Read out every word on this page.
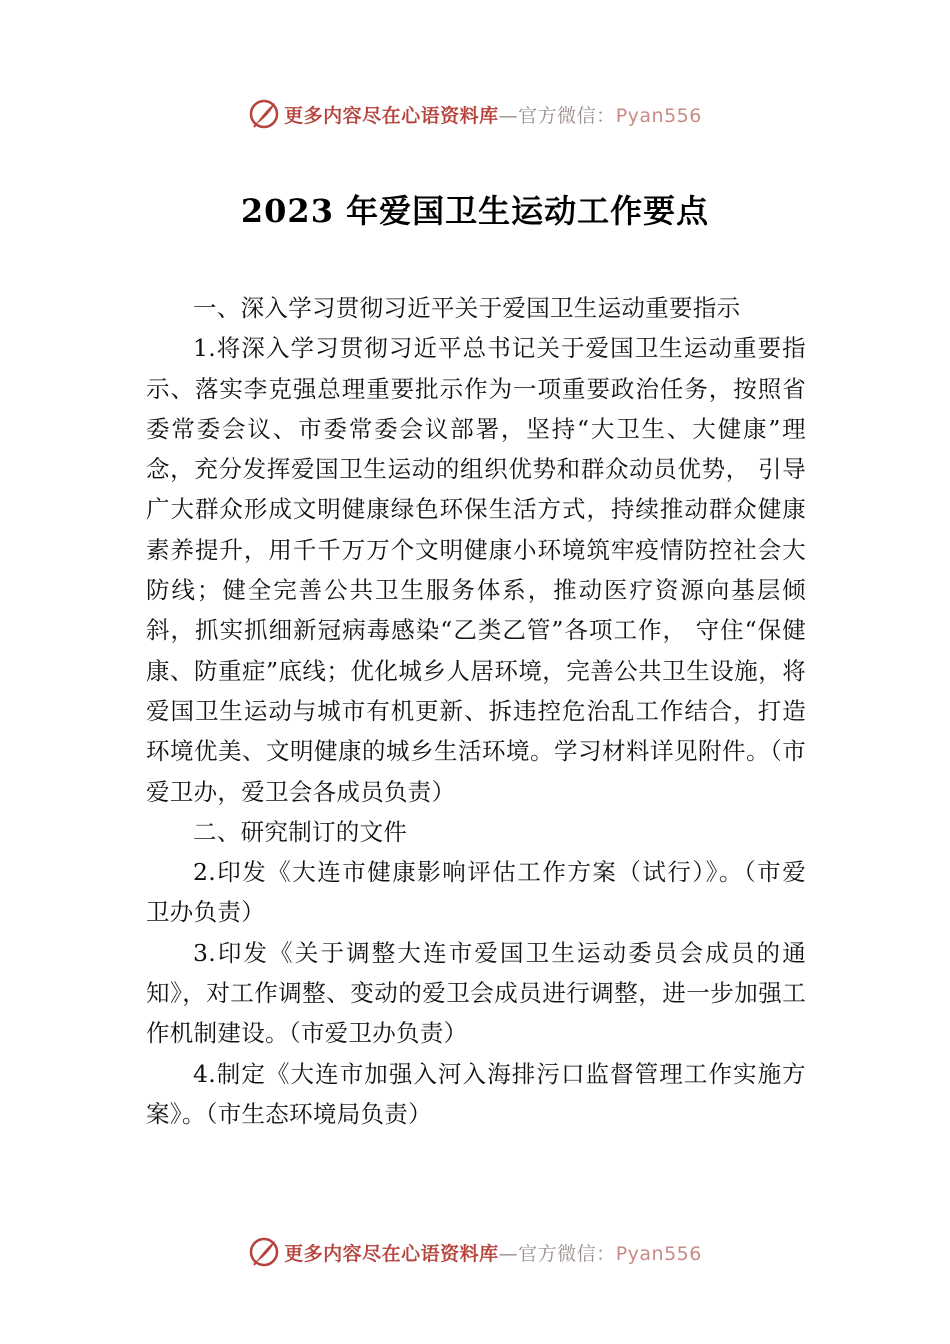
更多内容尽在心语资料库—官方微信：Pyan556
2023 年爱国卫生运动工作要点

一、深入学习贯彻习近平关于爱国卫生运动重要指示

1.将深入学习贯彻习近平总书记关于爱国卫生运动重要指示、落实李克强总理重要批示作为一项重要政治任务，按照省委常委会议、市委常委会议部署，坚持“大卫生、大健康”理念，充分发挥爱国卫生运动的组织优势和群众动员优势， 引导广大群众形成文明健康绿色环保生活方式，持续推动群众健康素养提升，用千千万万个文明健康小环境筑牢疫情防控社会大防线；健全完善公共卫生服务体系，推动医疗资源向基层倾斜，抓实抓细新冠病毒感染“乙类乙管”各项工作， 守住“保健康、防重症”底线；优化城乡人居环境，完善公共卫生设施，将爱国卫生运动与城市有机更新、拆违控危治乱工作结合，打造环境优美、文明健康的城乡生活环境。学习材料详见附件。（市爱卫办，爱卫会各成员负责）

二、研究制订的文件

2.印发《大连市健康影响评估工作方案（试行）》。（市爱 卫办负责）

3.印发《关于调整大连市爱国卫生运动委员会成员的通知》，对工作调整、变动的爱卫会成员进行调整，进一步加强工作机制建设。（市爱卫办负责）

4.制定《大连市加强入河入海排污口监督管理工作实施方案》。（市生态环境局负责）

更多内容尽在心语资料库—官方微信：Pyan556
